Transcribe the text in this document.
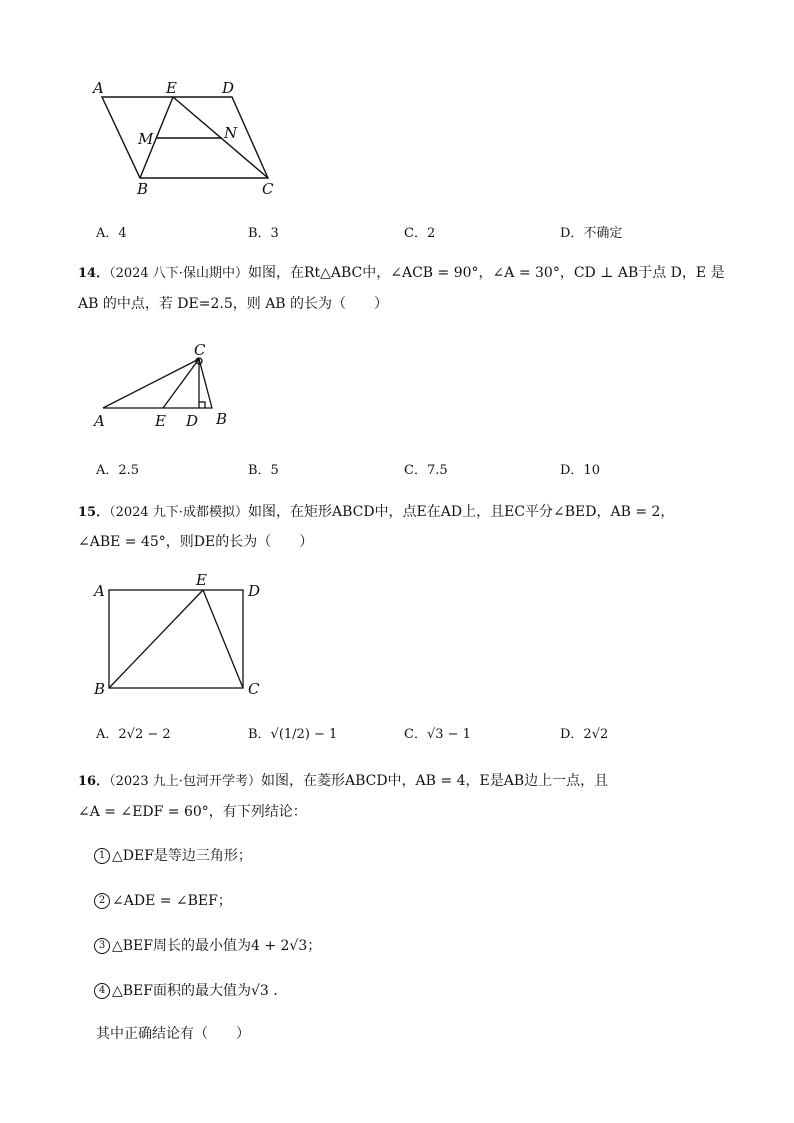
A	E	D
M	N
B	C
A．4	B．3	C．2	D．不确定
14．（2024 八下·保山期中）如图，在Rt△ABC中，∠ACB = 90°，∠A = 30°，CD ⊥ AB于点 D，E 是
AB 的中点，若 DE=2.5，则 AB 的长为（　　）
C
A	E D B
A．2.5	B．5	C．7.5	D．10
15．（2024 九下·成都模拟）如图，在矩形ABCD中，点E在AD上，且EC平分∠BED，AB = 2，
∠ABE = 45°，则DE的长为（　　）
A
E
D
B	C
A．2√2 − 2	B．√(1/2) − 1	C．√3 − 1	D．2√2
16．（2023 九上·包河开学考）如图，在菱形ABCD中，AB = 4，E是AB边上一点，且
∠A = ∠EDF = 60°，有下列结论：
1 △DEF是等边三角形；
2 ∠ADE = ∠BEF；
3 △BEF周长的最小值为4 + 2√3；
4 △BEF面积的最大值为√3 .
其中正确结论有（　　）
